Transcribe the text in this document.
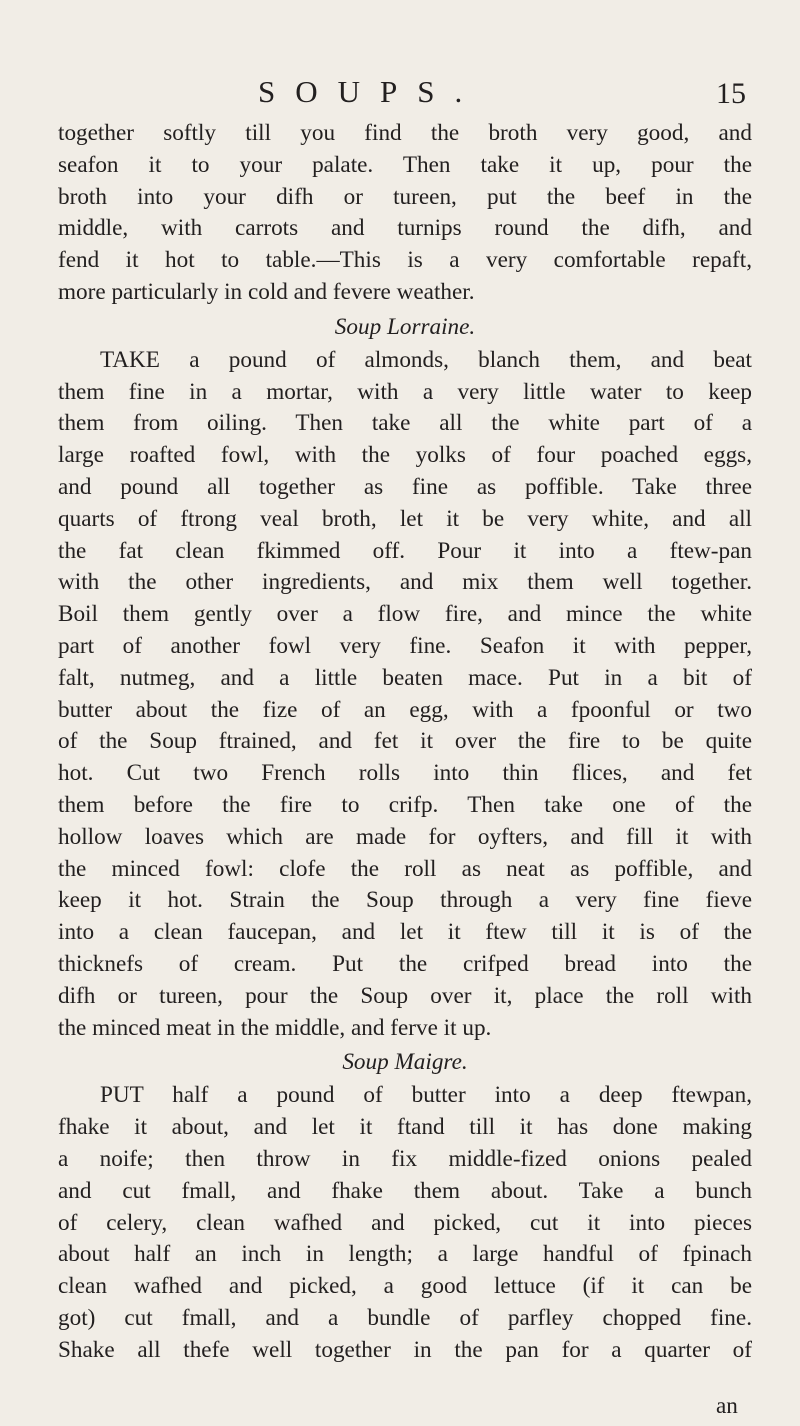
SOUPS.	15
together softly till you find the broth very good, and
seafon it to your palate. Then take it up, pour the
broth into your difh or tureen, put the beef in the
middle, with carrots and turnips round the difh, and
fend it hot to table.—This is a very comfortable repaft,
more particularly in cold and fevere weather.
Soup Lorraine.
TAKE a pound of almonds, blanch them, and beat
them fine in a mortar, with a very little water to keep
them from oiling. Then take all the white part of a
large roafted fowl, with the yolks of four poached eggs,
and pound all together as fine as poffible. Take three
quarts of ftrong veal broth, let it be very white, and all
the fat clean fkimmed off. Pour it into a ftew-pan
with the other ingredients, and mix them well together.
Boil them gently over a flow fire, and mince the white
part of another fowl very fine. Seafon it with pepper,
falt, nutmeg, and a little beaten mace. Put in a bit of
butter about the fize of an egg, with a fpoonful or two
of the Soup ftrained, and fet it over the fire to be quite
hot. Cut two French rolls into thin flices, and fet
them before the fire to crifp. Then take one of the
hollow loaves which are made for oyfters, and fill it with
the minced fowl: clofe the roll as neat as poffible, and
keep it hot. Strain the Soup through a very fine fieve
into a clean faucepan, and let it ftew till it is of the
thicknefs of cream. Put the crifped bread into the
difh or tureen, pour the Soup over it, place the roll with
the minced meat in the middle, and ferve it up.
Soup Maigre.
PUT half a pound of butter into a deep ftewpan,
fhake it about, and let it ftand till it has done making
a noife; then throw in fix middle-fized onions pealed
and cut fmall, and fhake them about. Take a bunch
of celery, clean wafhed and picked, cut it into pieces
about half an inch in length; a large handful of fpinach
clean wafhed and picked, a good lettuce (if it can be
got) cut fmall, and a bundle of parfley chopped fine.
Shake all thefe well together in the pan for a quarter of
an
